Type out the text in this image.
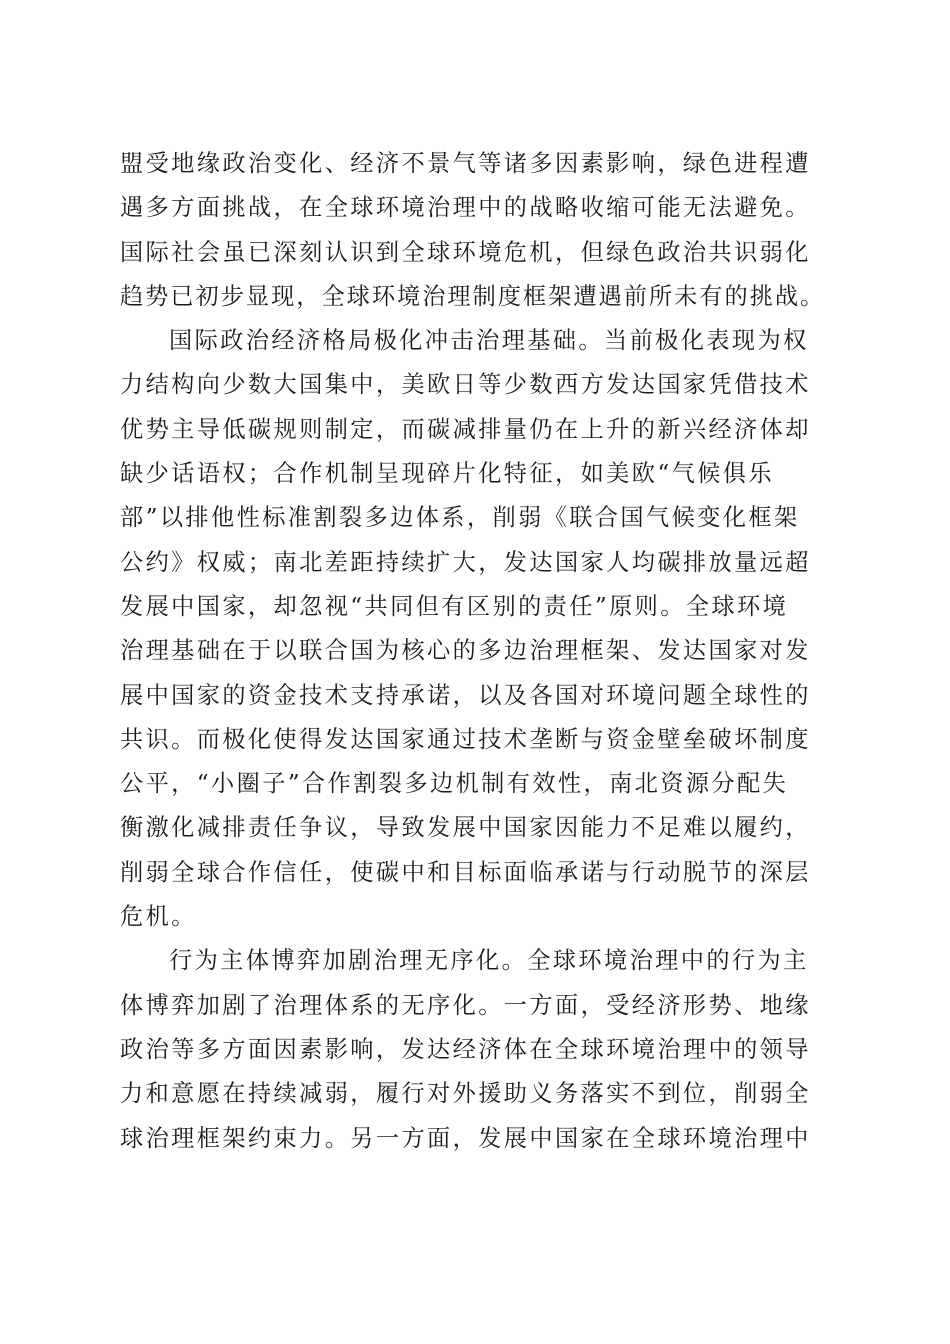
盟受地缘政治变化、经济不景气等诸多因素影响，绿色进程遭
遇多方面挑战，在全球环境治理中的战略收缩可能无法避免。
国际社会虽已深刻认识到全球环境危机，但绿色政治共识弱化
趋势已初步显现，全球环境治理制度框架遭遇前所未有的挑战。
国际政治经济格局极化冲击治理基础。当前极化表现为权
力结构向少数大国集中，美欧日等少数西方发达国家凭借技术
优势主导低碳规则制定，而碳减排量仍在上升的新兴经济体却
缺少话语权；合作机制呈现碎片化特征，如美欧“气候俱乐
部”以排他性标准割裂多边体系，削弱《联合国气候变化框架
公约》权威；南北差距持续扩大，发达国家人均碳排放量远超
发展中国家，却忽视“共同但有区别的责任”原则。全球环境
治理基础在于以联合国为核心的多边治理框架、发达国家对发
展中国家的资金技术支持承诺，以及各国对环境问题全球性的
共识。而极化使得发达国家通过技术垄断与资金壁垒破坏制度
公平，“小圈子”合作割裂多边机制有效性，南北资源分配失
衡激化减排责任争议，导致发展中国家因能力不足难以履约，
削弱全球合作信任，使碳中和目标面临承诺与行动脱节的深层
危机。
行为主体博弈加剧治理无序化。全球环境治理中的行为主
体博弈加剧了治理体系的无序化。一方面，受经济形势、地缘
政治等多方面因素影响，发达经济体在全球环境治理中的领导
力和意愿在持续减弱，履行对外援助义务落实不到位，削弱全
球治理框架约束力。另一方面，发展中国家在全球环境治理中
